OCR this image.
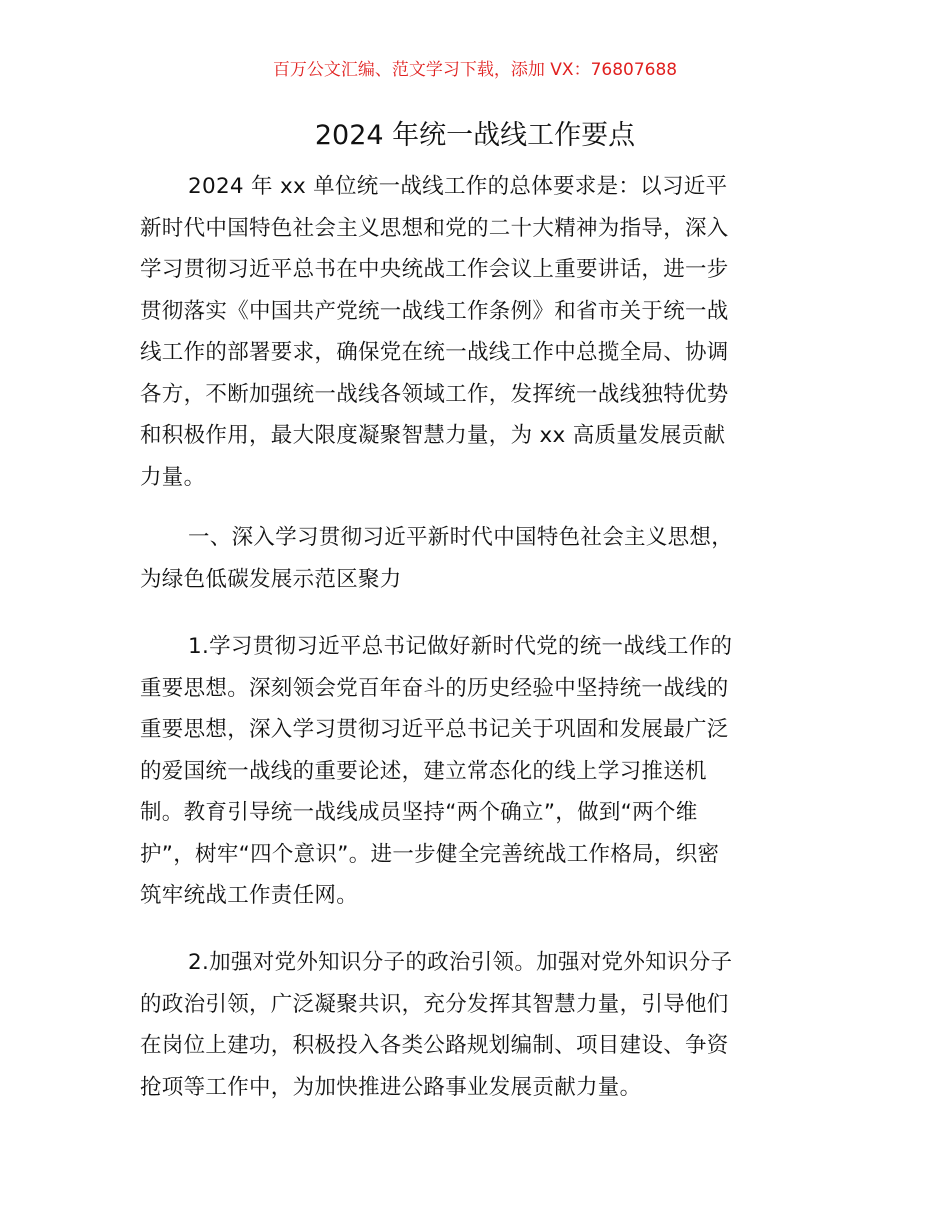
百万公文汇编、范文学习下载，添加 VX：76807688
2024 年统一战线工作要点
2024 年 xx 单位统一战线工作的总体要求是：以习近平
新时代中国特色社会主义思想和党的二十大精神为指导，深入
学习贯彻习近平总书在中央统战工作会议上重要讲话，进一步
贯彻落实《中国共产党统一战线工作条例》和省市关于统一战
线工作的部署要求，确保党在统一战线工作中总揽全局、协调
各方，不断加强统一战线各领域工作，发挥统一战线独特优势
和积极作用，最大限度凝聚智慧力量，为 xx 高质量发展贡献
力量。
一、深入学习贯彻习近平新时代中国特色社会主义思想，
为绿色低碳发展示范区聚力
1.学习贯彻习近平总书记做好新时代党的统一战线工作的
重要思想。深刻领会党百年奋斗的历史经验中坚持统一战线的
重要思想，深入学习贯彻习近平总书记关于巩固和发展最广泛
的爱国统一战线的重要论述，建立常态化的线上学习推送机
制。教育引导统一战线成员坚持“两个确立”，做到“两个维
护”，树牢“四个意识”。进一步健全完善统战工作格局，织密
筑牢统战工作责任网。
2.加强对党外知识分子的政治引领。加强对党外知识分子
的政治引领，广泛凝聚共识，充分发挥其智慧力量，引导他们
在岗位上建功，积极投入各类公路规划编制、项目建设、争资
抢项等工作中，为加快推进公路事业发展贡献力量。
